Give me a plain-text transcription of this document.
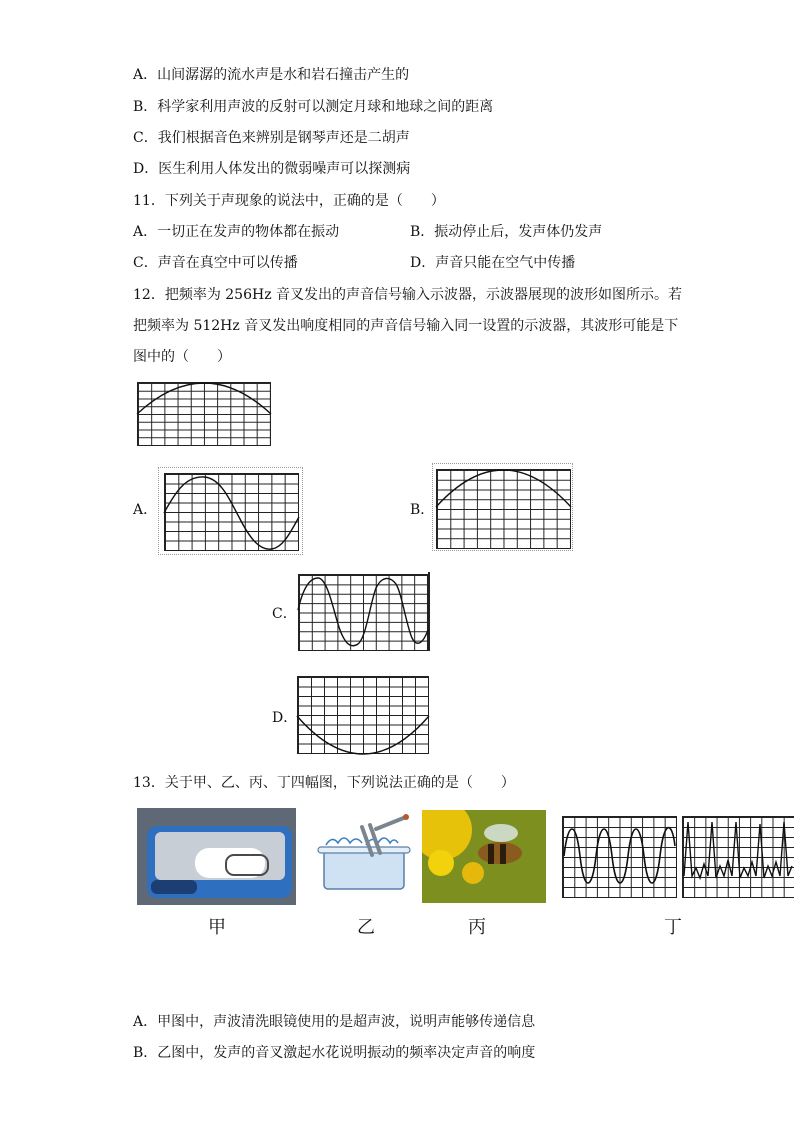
A．山间潺潺的流水声是水和岩石撞击产生的
B．科学家利用声波的反射可以测定月球和地球之间的距离
C．我们根据音色来辨别是钢琴声还是二胡声
D．医生利用人体发出的微弱噪声可以探测病
11．下列关于声现象的说法中，正确的是（　　）
A．一切正在发声的物体都在振动	B．振动停止后，发声体仍发声
C．声音在真空中可以传播	D．声音只能在空气中传播
12．把频率为 256Hz 音叉发出的声音信号输入示波器，示波器展现的波形如图所示。若
把频率为 512Hz 音叉发出响度相同的声音信号输入同一设置的示波器，其波形可能是下
图中的（　　）
A．	B．
C．
D．
13．关于甲、乙、丙、丁四幅图，下列说法正确的是（　　）
甲	乙	丙	丁
A．甲图中，声波清洗眼镜使用的是超声波，说明声能够传递信息
B．乙图中，发声的音叉激起水花说明振动的频率决定声音的响度
